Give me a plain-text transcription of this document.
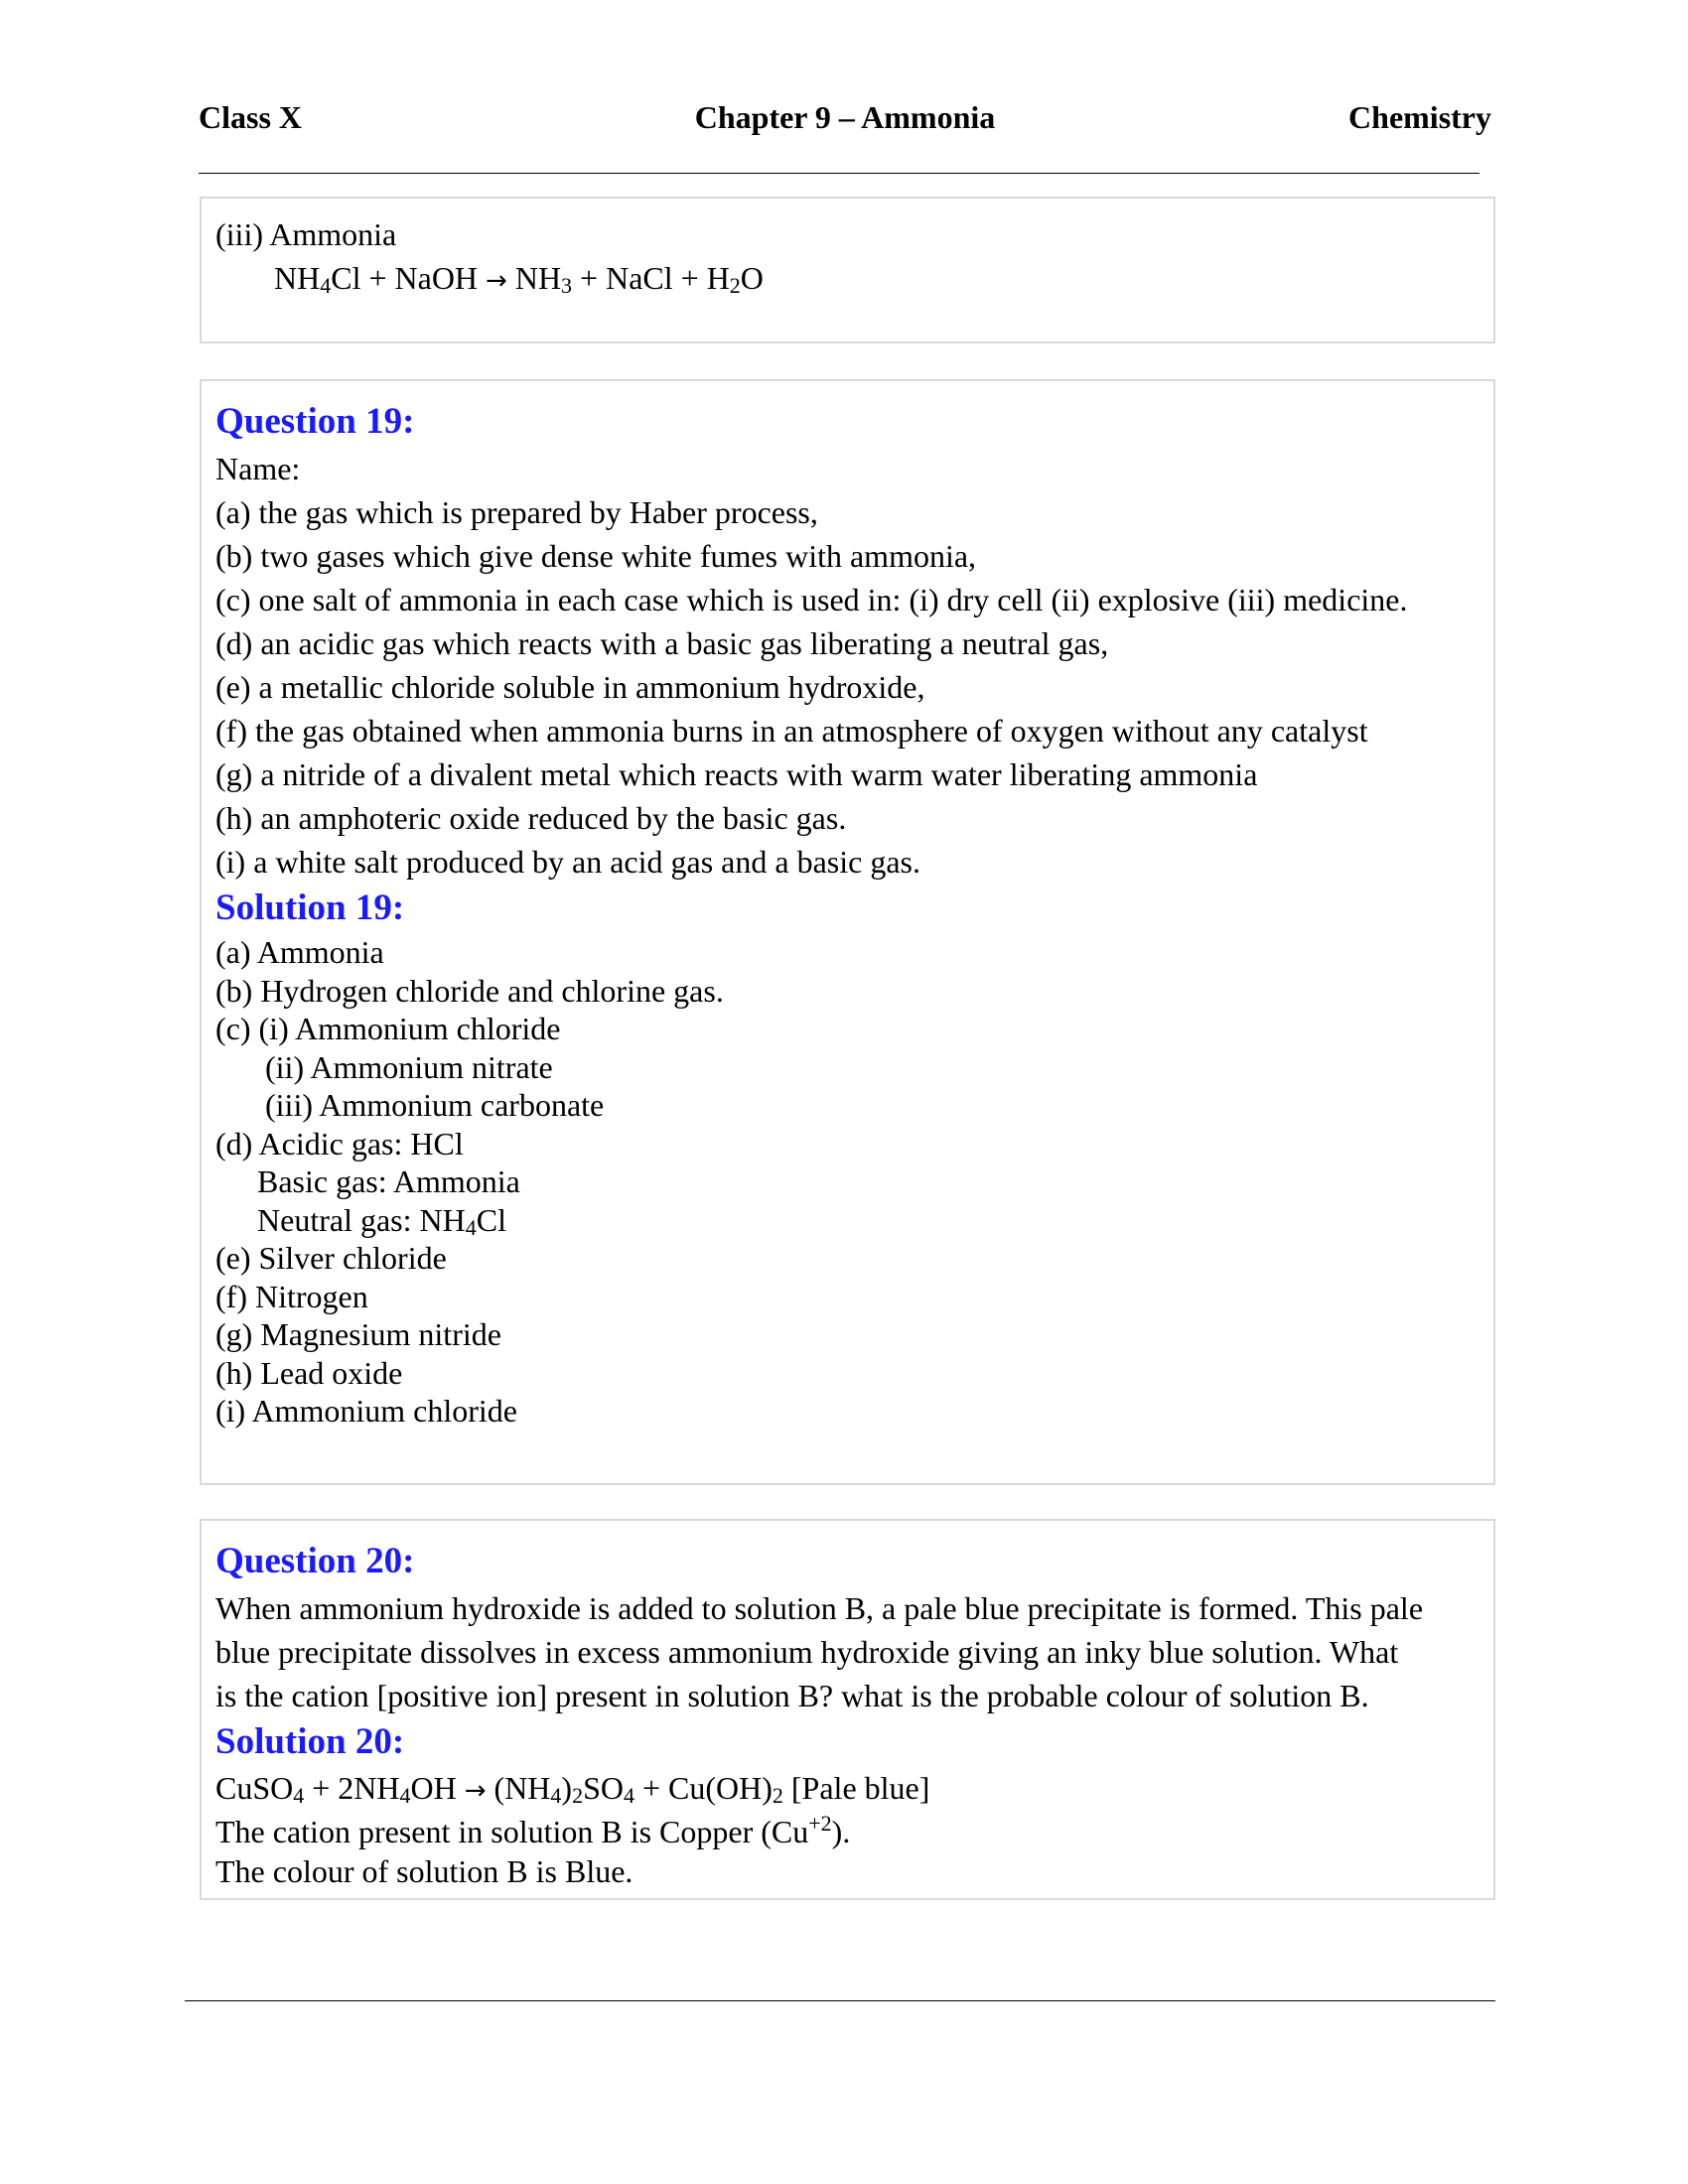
Class X	Chapter 9 – Ammonia	Chemistry
(iii) Ammonia
$NH_4Cl$ + NaOH → $NH_3$ + NaCl + $H_2O$
Question 19:
Name:
(a) the gas which is prepared by Haber process,
(b) two gases which give dense white fumes with ammonia,
(c) one salt of ammonia in each case which is used in: (i) dry cell (ii) explosive (iii) medicine.
(d) an acidic gas which reacts with a basic gas liberating a neutral gas,
(e) a metallic chloride soluble in ammonium hydroxide,
(f) the gas obtained when ammonia burns in an atmosphere of oxygen without any catalyst
(g) a nitride of a divalent metal which reacts with warm water liberating ammonia
(h) an amphoteric oxide reduced by the basic gas.
(i) a white salt produced by an acid gas and a basic gas.
Solution 19:
(a) Ammonia
(b) Hydrogen chloride and chlorine gas.
(c) (i) Ammonium chloride
(ii) Ammonium nitrate
(iii) Ammonium carbonate
(d) Acidic gas: HCl
Basic gas: Ammonia
Neutral gas: $NH_4Cl$
(e) Silver chloride
(f) Nitrogen
(g) Magnesium nitride
(h) Lead oxide
(i) Ammonium chloride
Question 20:
When ammonium hydroxide is added to solution B, a pale blue precipitate is formed. This pale
blue precipitate dissolves in excess ammonium hydroxide giving an inky blue solution. What
is the cation [positive ion] present in solution B? what is the probable colour of solution B.
Solution 20:
CuSO$_4$ + $2NH_4OH \to (NH_4)_2SO_4 + Cu(OH)_2$ [Pale blue]
The cation present in solution B is Copper $(Cu^{+2})$.
The colour of solution B is Blue.
